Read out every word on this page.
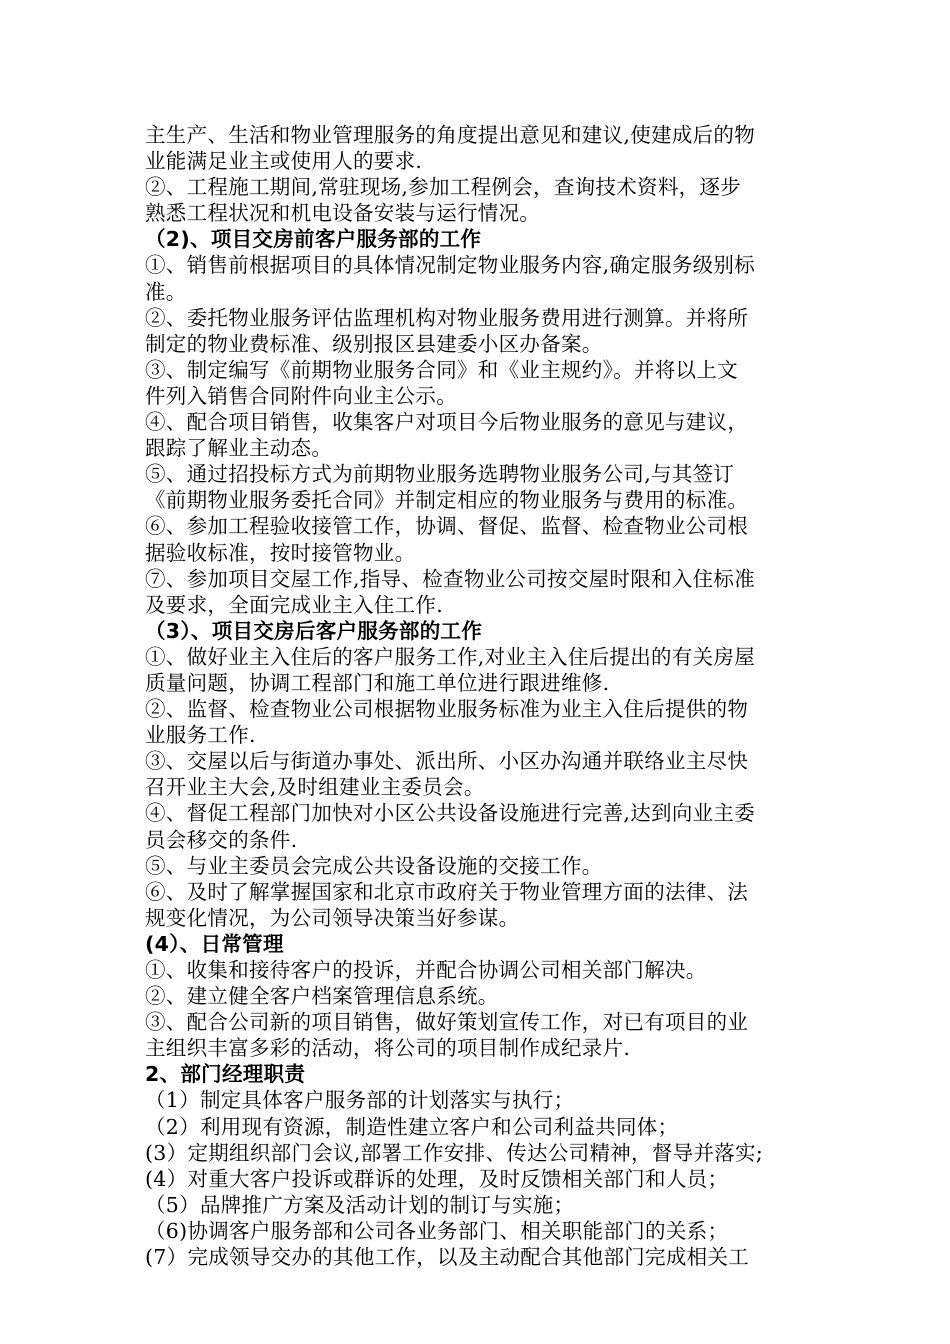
主生产、生活和物业管理服务的角度提出意见和建议,使建成后的物
业能满足业主或使用人的要求.
②、工程施工期间,常驻现场,参加工程例会，查询技术资料，逐步
熟悉工程状况和机电设备安装与运行情况。
（2)、项目交房前客户服务部的工作
①、销售前根据项目的具体情况制定物业服务内容,确定服务级别标
准。
②、委托物业服务评估监理机构对物业服务费用进行测算。并将所
制定的物业费标准、级别报区县建委小区办备案。
③、制定编写《前期物业服务合同》和《业主规约》。并将以上文
件列入销售合同附件向业主公示。
④、配合项目销售，收集客户对项目今后物业服务的意见与建议，
跟踪了解业主动态。
⑤、通过招投标方式为前期物业服务选聘物业服务公司,与其签订
《前期物业服务委托合同》并制定相应的物业服务与费用的标准。
⑥、参加工程验收接管工作，协调、督促、监督、检查物业公司根
据验收标准，按时接管物业。
⑦、参加项目交屋工作,指导、检查物业公司按交屋时限和入住标准
及要求，全面完成业主入住工作.
（3）、项目交房后客户服务部的工作
①、做好业主入住后的客户服务工作,对业主入住后提出的有关房屋
质量问题，协调工程部门和施工单位进行跟进维修.
②、监督、检查物业公司根据物业服务标准为业主入住后提供的物
业服务工作.
③、交屋以后与街道办事处、派出所、小区办沟通并联络业主尽快
召开业主大会,及时组建业主委员会。
④、督促工程部门加快对小区公共设备设施进行完善,达到向业主委
员会移交的条件.
⑤、与业主委员会完成公共设备设施的交接工作。
⑥、及时了解掌握国家和北京市政府关于物业管理方面的法律、法
规变化情况，为公司领导决策当好参谋。
(4）、日常管理
①、收集和接待客户的投诉，并配合协调公司相关部门解决。
②、建立健全客户档案管理信息系统。
③、配合公司新的项目销售，做好策划宣传工作，对已有项目的业
主组织丰富多彩的活动，将公司的项目制作成纪录片.
2、部门经理职责
（1）制定具体客户服务部的计划落实与执行；
（2）利用现有资源，制造性建立客户和公司利益共同体；
(3）定期组织部门会议,部署工作安排、传达公司精神，督导并落实;
(4）对重大客户投诉或群诉的处理，及时反馈相关部门和人员；
（5）品牌推广方案及活动计划的制订与实施；
（6)协调客户服务部和公司各业务部门、相关职能部门的关系；
(7）完成领导交办的其他工作，以及主动配合其他部门完成相关工
